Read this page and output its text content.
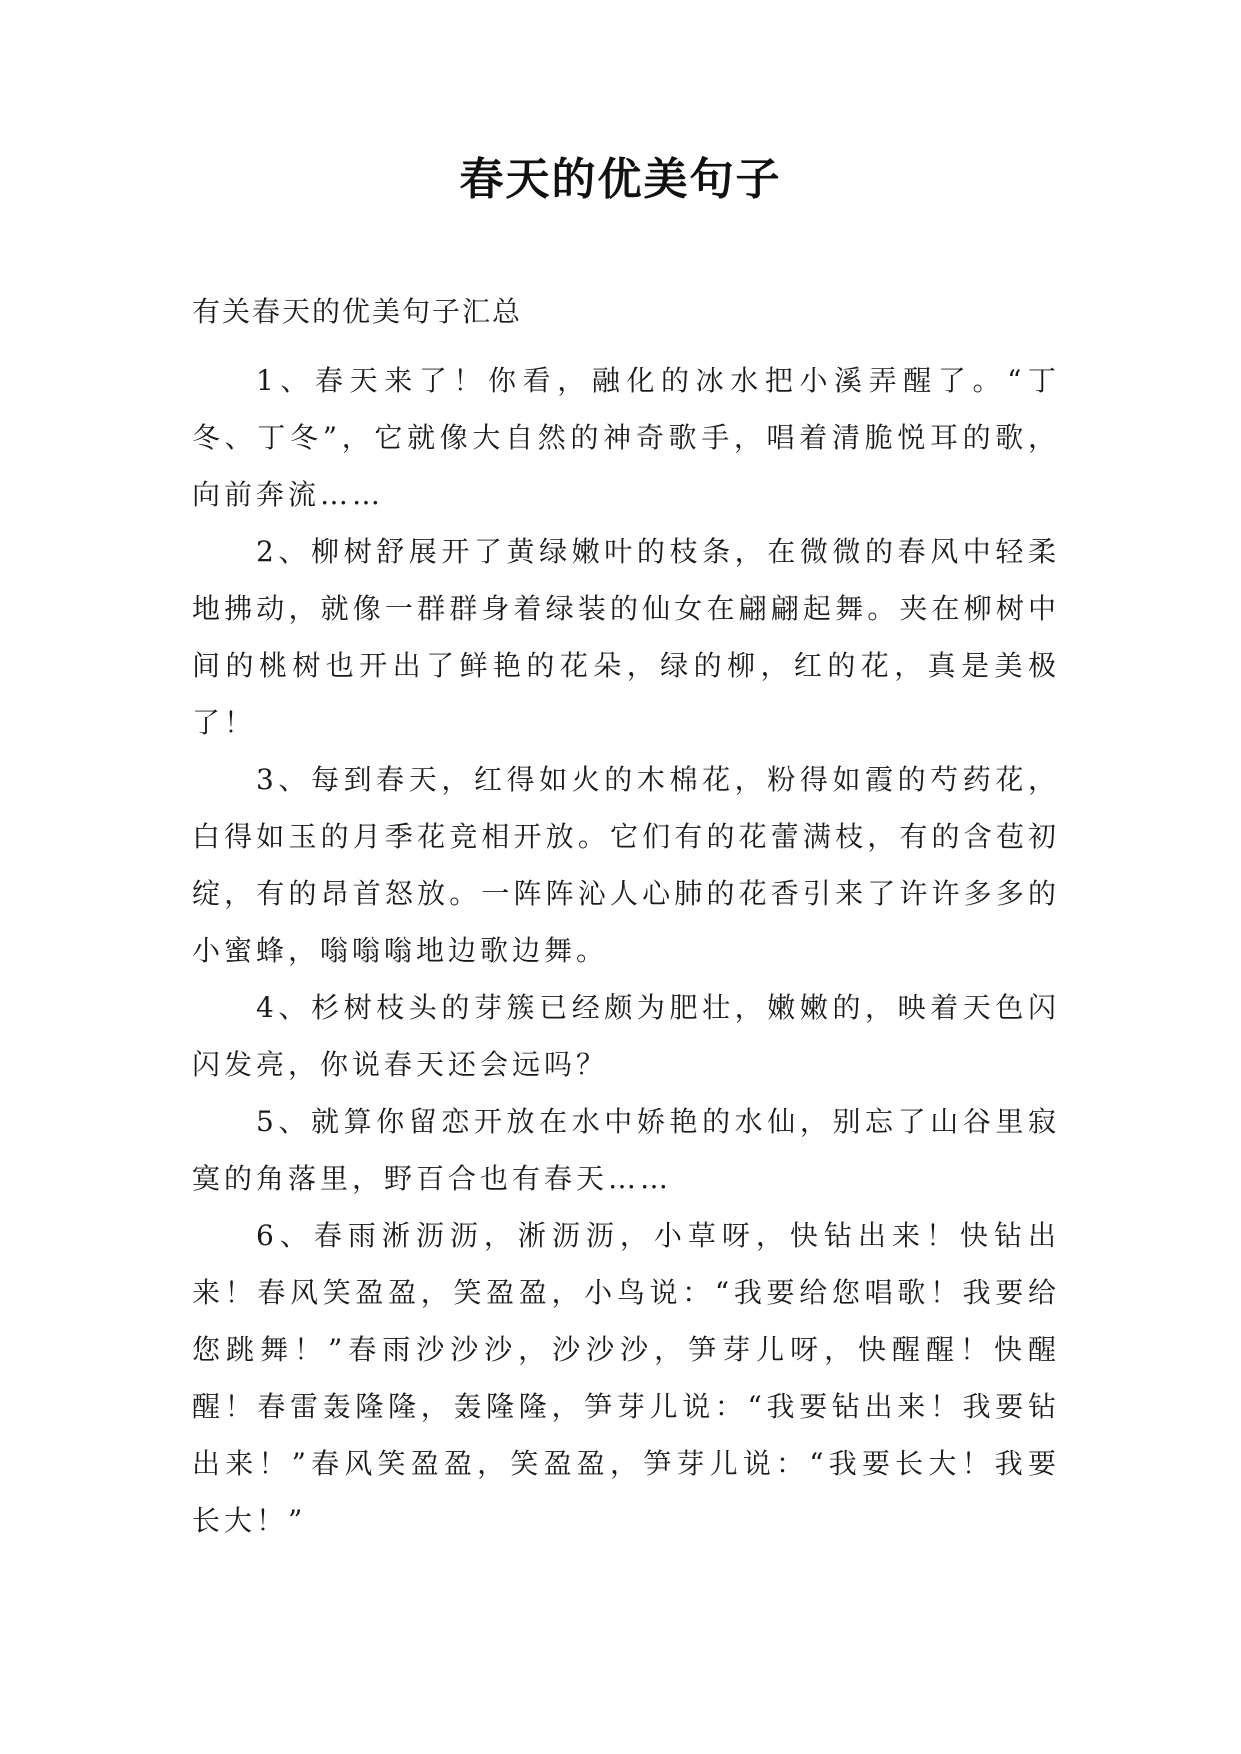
春天的优美句子

有关春天的优美句子汇总

1、春天来了！你看，融化的冰水把小溪弄醒了。“丁冬、丁冬”，它就像大自然的神奇歌手，唱着清脆悦耳的歌，向前奔流……

2、柳树舒展开了黄绿嫩叶的枝条，在微微的春风中轻柔地拂动，就像一群群身着绿装的仙女在翩翩起舞。夹在柳树中间的桃树也开出了鲜艳的花朵，绿的柳，红的花，真是美极了！

3、每到春天，红得如火的木棉花，粉得如霞的芍药花，白得如玉的月季花竞相开放。它们有的花蕾满枝，有的含苞初绽，有的昂首怒放。一阵阵沁人心肺的花香引来了许许多多的小蜜蜂，嗡嗡嗡地边歌边舞。

4、杉树枝头的芽簇已经颇为肥壮，嫩嫩的，映着天色闪闪发亮，你说春天还会远吗？

5、就算你留恋开放在水中娇艳的水仙，别忘了山谷里寂寞的角落里，野百合也有春天……

6、春雨淅沥沥，淅沥沥，小草呀，快钻出来！快钻出来！春风笑盈盈，笑盈盈，小鸟说：“我要给您唱歌！我要给您跳舞！”春雨沙沙沙，沙沙沙，笋芽儿呀，快醒醒！快醒醒！春雷轰隆隆，轰隆隆，笋芽儿说：“我要钻出来！我要钻出来！”春风笑盈盈，笑盈盈，笋芽儿说：“我要长大！我要长大！”
